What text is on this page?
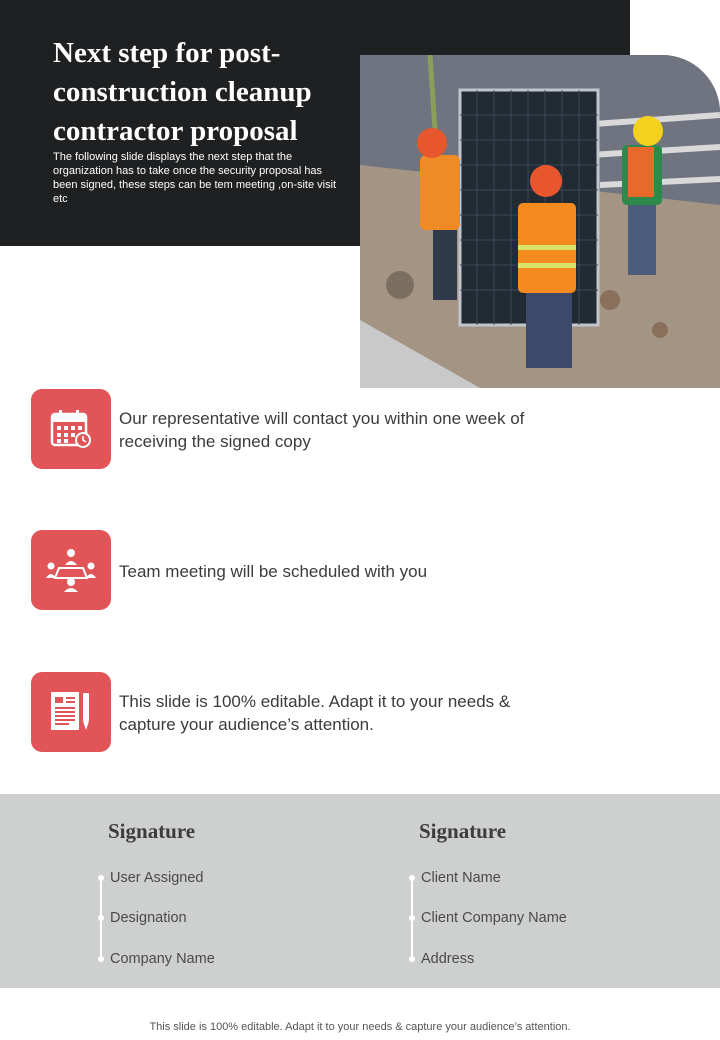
Next step for post-construction cleanup contractor proposal

The following slide displays the next step that the organization has to take once the security proposal has been signed, these steps can be tem meeting ,on-site visit etc

Our representative will contact you within one week of receiving the signed copy

Team meeting will be scheduled with you

This slide is 100% editable. Adapt it to your needs & capture your audience’s attention.

Signature
User Assigned
Designation
Company Name
Signature
Client Name
Client Company Name
Address

This slide is 100% editable. Adapt it to your needs & capture your audience’s attention.
